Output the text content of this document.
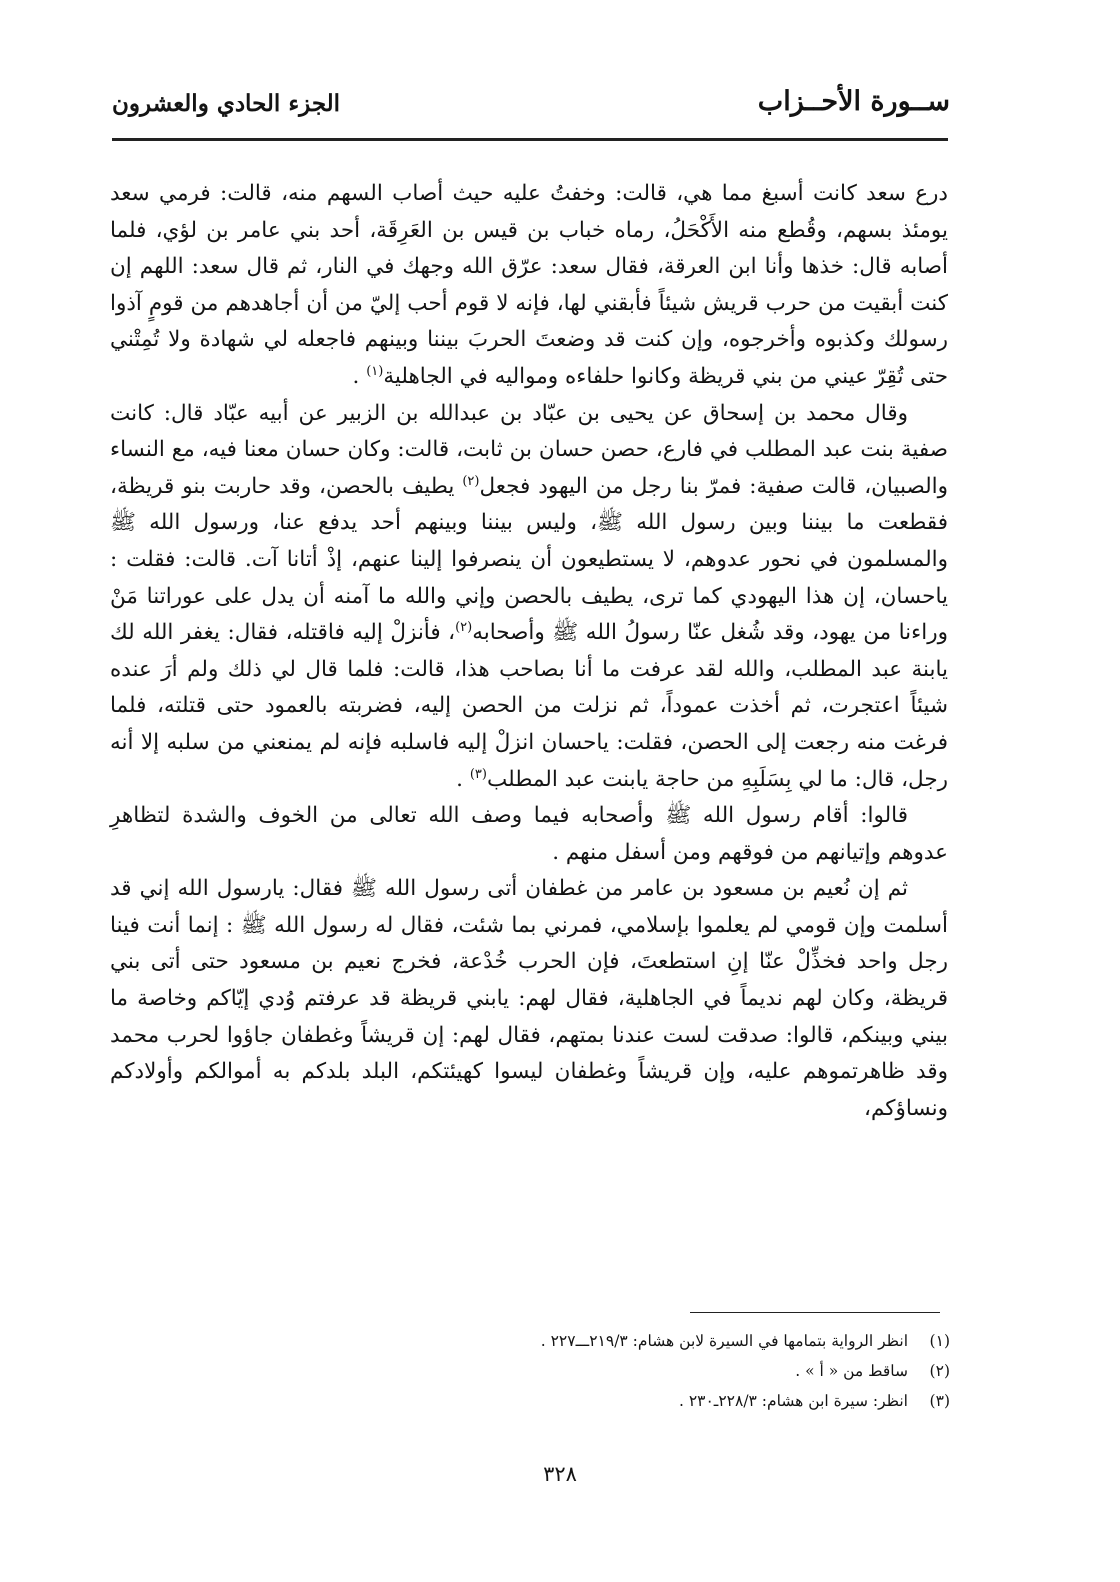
ســورة الأحــزاب
الجزء الحادي والعشرون

درع سعد كانت أسبغ مما هي، قالت: وخفتُ عليه حيث أصاب السهم منه، قالت: فرمي سعد يومئذ بسهم، وقُطع منه الأَكْحَلُ، رماه خباب بن قيس بن العَرِقَة، أحد بني عامر بن لؤي، فلما أصابه قال: خذها وأنا ابن العرقة، فقال سعد: عرّق الله وجهك في النار، ثم قال سعد: اللهم إن كنت أبقيت من حرب قريش شيئاً فأبقني لها، فإنه لا قوم أحب إليّ من أن أجاهدهم من قومٍ آذوا رسولك وكذبوه وأخرجوه، وإن كنت قد وضعتَ الحربَ بيننا وبينهم فاجعله لي شهادة ولا تُمِتْني حتى تُقِرّ عيني من بني قريظة وكانوا حلفاءه ومواليه في الجاهلية$^{(١)}$ .

وقال محمد بن إسحاق عن يحيى بن عبّاد بن عبدالله بن الزبير عن أبيه عبّاد قال: كانت صفية بنت عبد المطلب في فارع، حصن حسان بن ثابت، قالت: وكان حسان معنا فيه، مع النساء والصبيان، قالت صفية: فمرّ بنا رجل من اليهود فجعل$^{(٢)}$ يطيف بالحصن، وقد حاربت بنو قريظة، فقطعت ما بيننا وبين رسول الله ﷺ، وليس بيننا وبينهم أحد يدفع عنا، ورسول الله ﷺ والمسلمون في نحور عدوهم، لا يستطيعون أن ينصرفوا إلينا عنهم، إذْ أتانا آت. قالت: فقلت : ياحسان، إن هذا اليهودي كما ترى، يطيف بالحصن وإني والله ما آمنه أن يدل على عوراتنا مَنْ وراءنا من يهود، وقد شُغل عنّا رسولُ الله ﷺ وأصحابه$^{(٢)}$، فأنزلْ إليه فاقتله، فقال: يغفر الله لك يابنة عبد المطلب، والله لقد عرفت ما أنا بصاحب هذا، قالت: فلما قال لي ذلك ولم أرَ عنده شيئاً اعتجرت، ثم أخذت عموداً، ثم نزلت من الحصن إليه، فضربته بالعمود حتى قتلته، فلما فرغت منه رجعت إلى الحصن، فقلت: ياحسان انزلْ إليه فاسلبه فإنه لم يمنعني من سلبه إلا أنه رجل، قال: ما لي بِسَلَبِهِ من حاجة يابنت عبد المطلب$^{(٣)}$ .

قالوا: أقام رسول الله ﷺ وأصحابه فيما وصف الله تعالى من الخوف والشدة لتظاهرِ عدوهم وإتيانهم من فوقهم ومن أسفل منهم .

ثم إن نُعيم بن مسعود بن عامر من غطفان أتى رسول الله ﷺ فقال: يارسول الله إني قد أسلمت وإن قومي لم يعلموا بإسلامي، فمرني بما شئت، فقال له رسول الله ﷺ : إنما أنت فينا رجل واحد فخذِّلْ عنّا إنِ استطعتَ، فإن الحرب خُدْعة، فخرج نعيم بن مسعود حتى أتى بني قريظة، وكان لهم نديماً في الجاهلية، فقال لهم: يابني قريظة قد عرفتم وُدي إيّاكم وخاصة ما بيني وبينكم، قالوا: صدقت لست عندنا بمتهم، فقال لهم: إن قريشاً وغطفان جاؤوا لحرب محمد وقد ظاهرتموهم عليه، وإن قريشاً وغطفان ليسوا كهيئتكم، البلد بلدكم به أموالكم وأولادكم ونساؤكم،

(١)انظر الرواية بتمامها في السيرة لابن هشام: ٢١٩/٣ـــ٢٢٧ .
(٢)ساقط من « أ » .
(٣)انظر: سيرة ابن هشام: ٢٢٨/٣ـ٢٣٠ .
٣٢٨
